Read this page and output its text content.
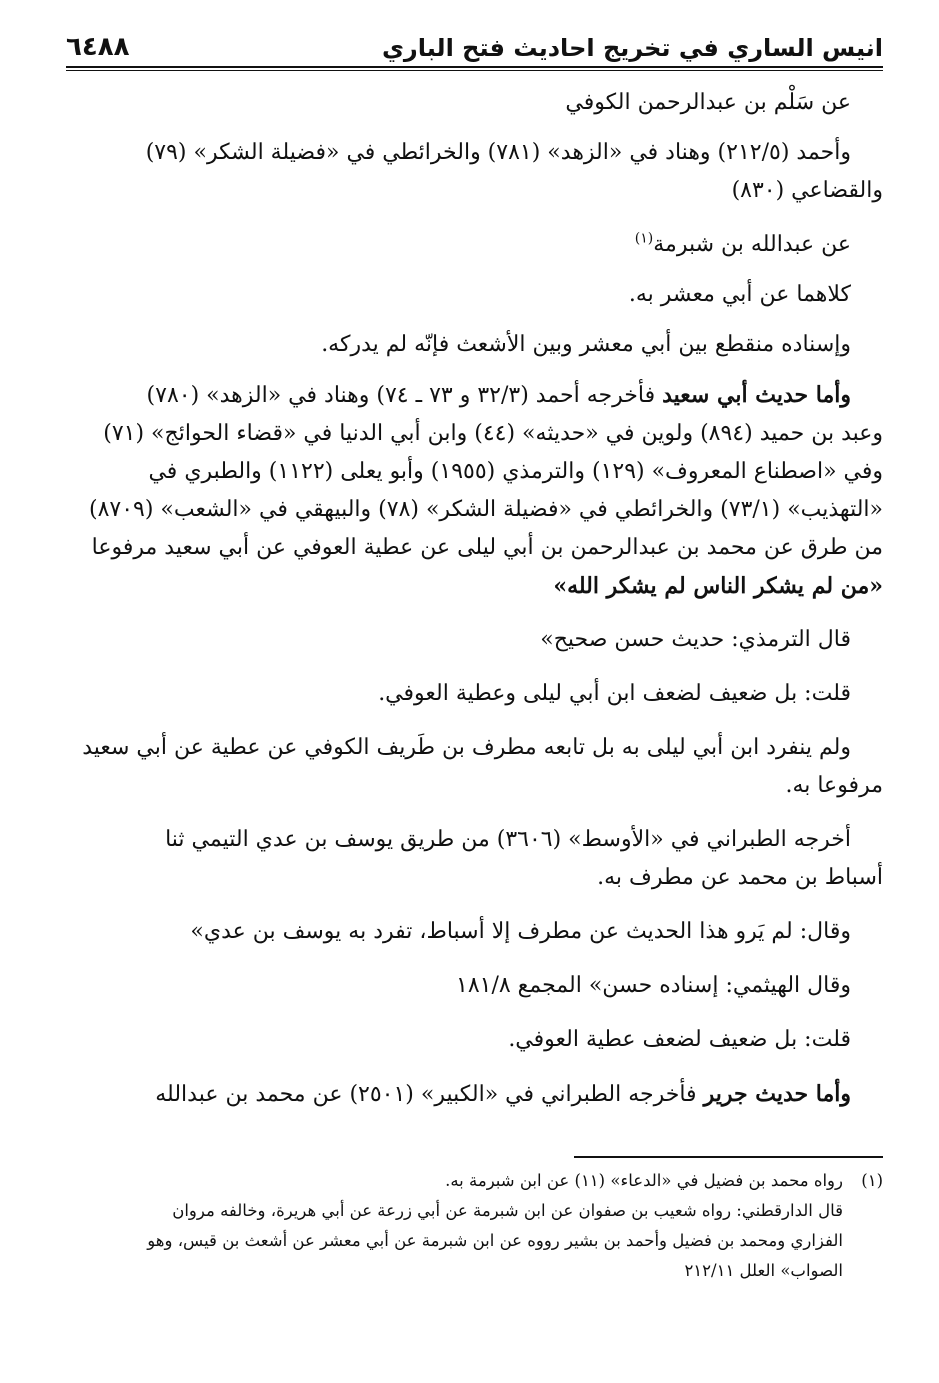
انيس الساري في تخريج احاديث فتح الباري
٦٤٨٨

عن سَلْم بن عبدالرحمن الكوفي

وأحمد (٢١٢/٥) وهناد في «الزهد» (٧٨١) والخرائطي في «فضيلة الشكر» (٧٩)

والقضاعي (٨٣٠)

عن عبدالله بن شبرمة$^{(١)}$

كلاهما عن أبي معشر به.

وإسناده منقطع بين أبي معشر وبين الأشعث فإنّه لم يدركه.

وأما حديث أبي سعيد فأخرجه أحمد (٣٢/٣ و ٧٣ ـ ٧٤) وهناد في «الزهد» (٧٨٠)

وعبد بن حميد (٨٩٤) ولوين في «حديثه» (٤٤) وابن أبي الدنيا في «قضاء الحوائج» (٧١)

وفي «اصطناع المعروف» (١٢٩) والترمذي (١٩٥٥) وأبو يعلى (١١٢٢) والطبري في

«التهذيب» (٧٣/١) والخرائطي في «فضيلة الشكر» (٧٨) والبيهقي في «الشعب» (٨٧٠٩)

من طرق عن محمد بن عبدالرحمن بن أبي ليلى عن عطية العوفي عن أبي سعيد مرفوعا

«من لم يشكر الناس لم يشكر الله»

قال الترمذي: حديث حسن صحيح»

قلت: بل ضعيف لضعف ابن أبي ليلى وعطية العوفي.

ولم ينفرد ابن أبي ليلى به بل تابعه مطرف بن طَريف الكوفي عن عطية عن أبي سعيد

مرفوعا به.

أخرجه الطبراني في «الأوسط» (٣٦٠٦) من طريق يوسف بن عدي التيمي ثنا

أسباط بن محمد عن مطرف به.

وقال: لم يَرو هذا الحديث عن مطرف إلا أسباط، تفرد به يوسف بن عدي»

وقال الهيثمي: إسناده حسن» المجمع ١٨١/٨

قلت: بل ضعيف لضعف عطية العوفي.

وأما حديث جرير فأخرجه الطبراني في «الكبير» (٢٥٠١) عن محمد بن عبدالله

(١)
رواه محمد بن فضيل في «الدعاء» (١١) عن ابن شبرمة به.
قال الدارقطني: رواه شعيب بن صفوان عن ابن شبرمة عن أبي زرعة عن أبي هريرة، وخالفه مروان
الفزاري ومحمد بن فضيل وأحمد بن بشير رووه عن ابن شبرمة عن أبي معشر عن أشعث بن قيس، وهو
الصواب» العلل ٢١٢/١١
